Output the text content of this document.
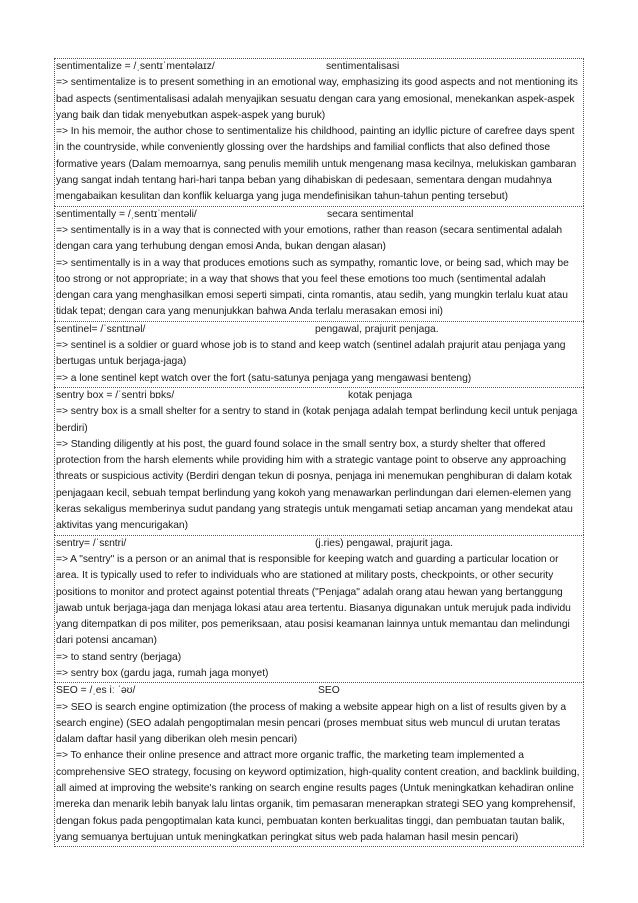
sentimentalize = /ˌsentɪˈmentəlaɪz/	sentimentalisasi
=> sentimentalize is to present something in an emotional way, emphasizing its good aspects and not mentioning its bad aspects (sentimentalisasi adalah menyajikan sesuatu dengan cara yang emosional, menekankan aspek-aspek yang baik dan tidak menyebutkan aspek-aspek yang buruk)
=> In his memoir, the author chose to sentimentalize his childhood, painting an idyllic picture of carefree days spent in the countryside, while conveniently glossing over the hardships and familial conflicts that also defined those formative years (Dalam memoarnya, sang penulis memilih untuk mengenang masa kecilnya, melukiskan gambaran yang sangat indah tentang hari-hari tanpa beban yang dihabiskan di pedesaan, sementara dengan mudahnya mengabaikan kesulitan dan konflik keluarga yang juga mendefinisikan tahun-tahun penting tersebut)
sentimentally = /ˌsentɪˈmentəli/	secara sentimental
=> sentimentally is in a way that is connected with your emotions, rather than reason (secara sentimental adalah dengan cara yang terhubung dengan emosi Anda, bukan dengan alasan)
=> sentimentally is in a way that produces emotions such as sympathy, romantic love, or being sad, which may be too strong or not appropriate; in a way that shows that you feel these emotions too much (sentimental adalah dengan cara yang menghasilkan emosi seperti simpati, cinta romantis, atau sedih, yang mungkin terlalu kuat atau tidak tepat; dengan cara yang menunjukkan bahwa Anda terlalu merasakan emosi ini)
sentinel= /ˈsɛntɪnəl/	pengawal, prajurit penjaga.
=> sentinel is a soldier or guard whose job is to stand and keep watch (sentinel adalah prajurit atau penjaga yang bertugas untuk berjaga-jaga)
=> a lone sentinel kept watch over the fort (satu-satunya penjaga yang mengawasi benteng)
sentry box = /ˈsentri bɒks/	kotak penjaga
=> sentry box is a small shelter for a sentry to stand in (kotak penjaga adalah tempat berlindung kecil untuk penjaga berdiri)
=> Standing diligently at his post, the guard found solace in the small sentry box, a sturdy shelter that offered protection from the harsh elements while providing him with a strategic vantage point to observe any approaching threats or suspicious activity (Berdiri dengan tekun di posnya, penjaga ini menemukan penghiburan di dalam kotak penjagaan kecil, sebuah tempat berlindung yang kokoh yang menawarkan perlindungan dari elemen-elemen yang keras sekaligus memberinya sudut pandang yang strategis untuk mengamati setiap ancaman yang mendekat atau aktivitas yang mencurigakan)
sentry= /ˈsɛntri/	(j.ries) pengawal, prajurit jaga.
=> A "sentry" is a person or an animal that is responsible for keeping watch and guarding a particular location or area. It is typically used to refer to individuals who are stationed at military posts, checkpoints, or other security positions to monitor and protect against potential threats ("Penjaga" adalah orang atau hewan yang bertanggung jawab untuk berjaga-jaga dan menjaga lokasi atau area tertentu. Biasanya digunakan untuk merujuk pada individu yang ditempatkan di pos militer, pos pemeriksaan, atau posisi keamanan lainnya untuk memantau dan melindungi dari potensi ancaman)
=> to stand sentry (berjaga)
=> sentry box (gardu jaga, rumah jaga monyet)
SEO = /ˌes iː ˈəʊ/	SEO
=> SEO is search engine optimization (the process of making a website appear high on a list of results given by a search engine) (SEO adalah pengoptimalan mesin pencari (proses membuat situs web muncul di urutan teratas dalam daftar hasil yang diberikan oleh mesin pencari)
=> To enhance their online presence and attract more organic traffic, the marketing team implemented a comprehensive SEO strategy, focusing on keyword optimization, high-quality content creation, and backlink building, all aimed at improving the website's ranking on search engine results pages (Untuk meningkatkan kehadiran online mereka dan menarik lebih banyak lalu lintas organik, tim pemasaran menerapkan strategi SEO yang komprehensif, dengan fokus pada pengoptimalan kata kunci, pembuatan konten berkualitas tinggi, dan pembuatan tautan balik, yang semuanya bertujuan untuk meningkatkan peringkat situs web pada halaman hasil mesin pencari)
